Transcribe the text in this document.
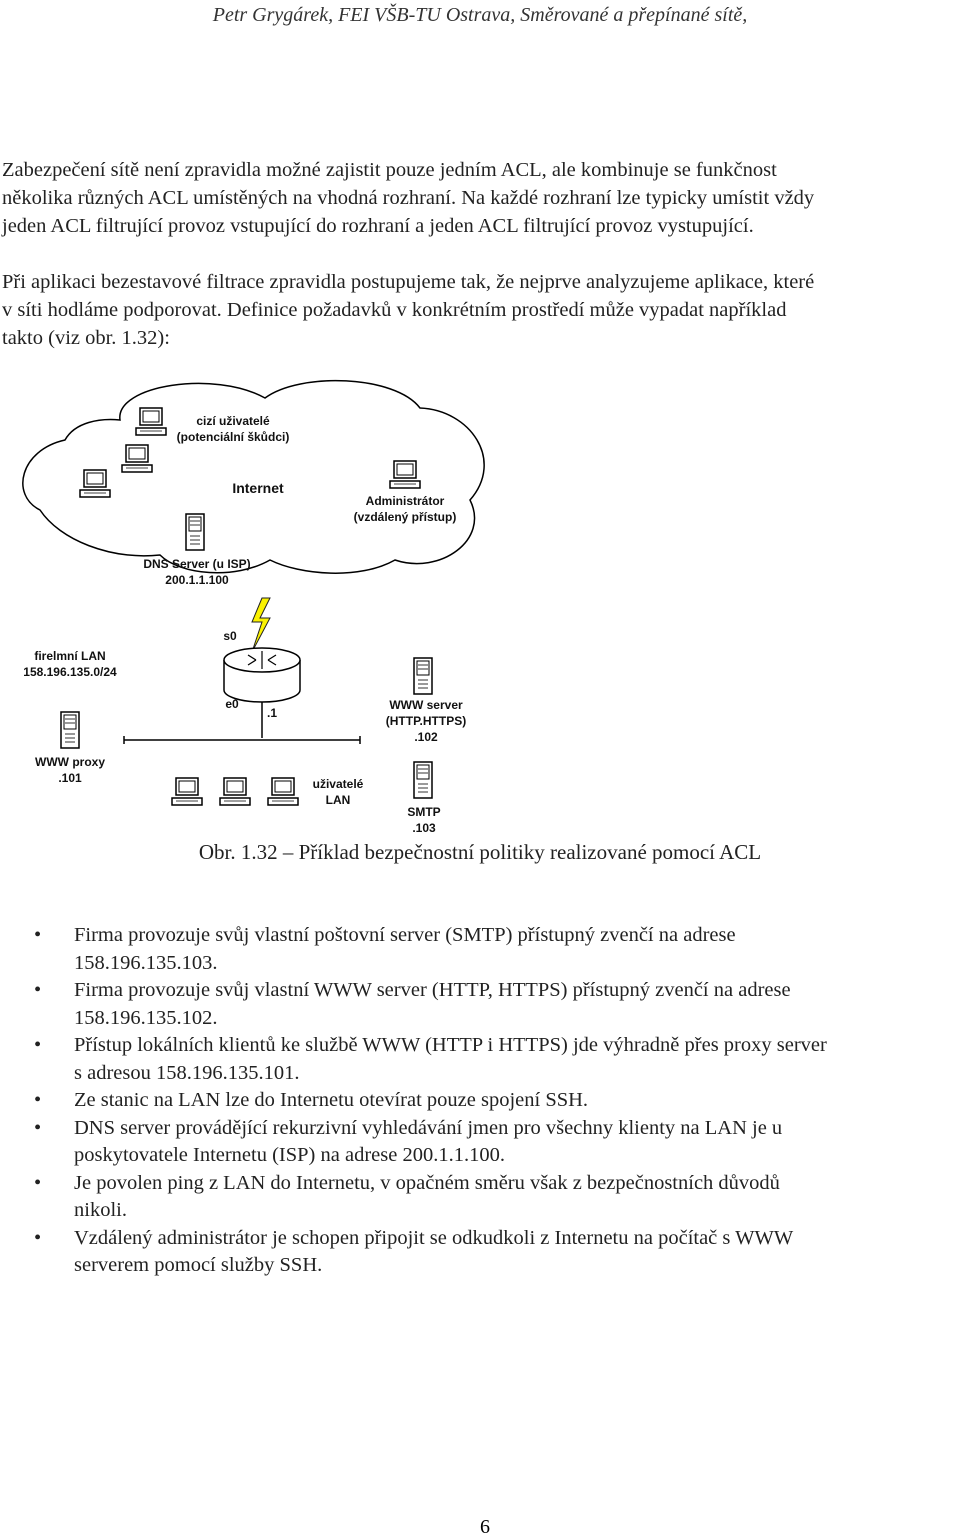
Petr Grygárek, FEI VŠB-TU Ostrava, Směrované a přepínané sítě,
Zabezpečení sítě není zpravidla možné zajistit pouze jedním ACL, ale kombinuje se funkčnost
několika různých ACL umístěných na vhodná rozhraní. Na každé rozhraní lze typicky umístit vždy
jeden ACL filtrující provoz vstupující do rozhraní a jeden ACL filtrující provoz vystupující.
Při aplikaci bezestavové filtrace zpravidla postupujeme tak, že nejprve analyzujeme aplikace, které
v síti hodláme podporovat. Definice požadavků v konkrétním prostředí může vypadat například
takto (viz obr. 1.32):
cizí uživatelé
(potenciální škůdci)
Internet
Administrátor
(vzdálený přístup)
DNS Server (u ISP)
200.1.1.100
s0
firelmní LAN
158.196.135.0/24
e0
.1
WWW server
(HTTP.HTTPS)
.102
WWW proxy
.101	uživatelé
LAN
SMTP
.103
Obr. 1.32 – Příklad bezpečnostní politiky realizované pomocí ACL
• Firma provozuje svůj vlastní poštovní server (SMTP) přístupný zvenčí na adrese
158.196.135.103.
• Firma provozuje svůj vlastní WWW server (HTTP, HTTPS) přístupný zvenčí na adrese
158.196.135.102.
• Přístup lokálních klientů ke službě WWW (HTTP i HTTPS) jde výhradně přes proxy server
s adresou 158.196.135.101.
• Ze stanic na LAN lze do Internetu otevírat pouze spojení SSH.
• DNS server provádějící rekurzivní vyhledávání jmen pro všechny klienty na LAN je u
poskytovatele Internetu (ISP) na adrese 200.1.1.100.
• Je povolen ping z LAN do Internetu, v opačném směru však z bezpečnostních důvodů
nikoli.
• Vzdálený administrátor je schopen připojit se odkudkoli z Internetu na počítač s WWW
serverem pomocí služby SSH.
6
